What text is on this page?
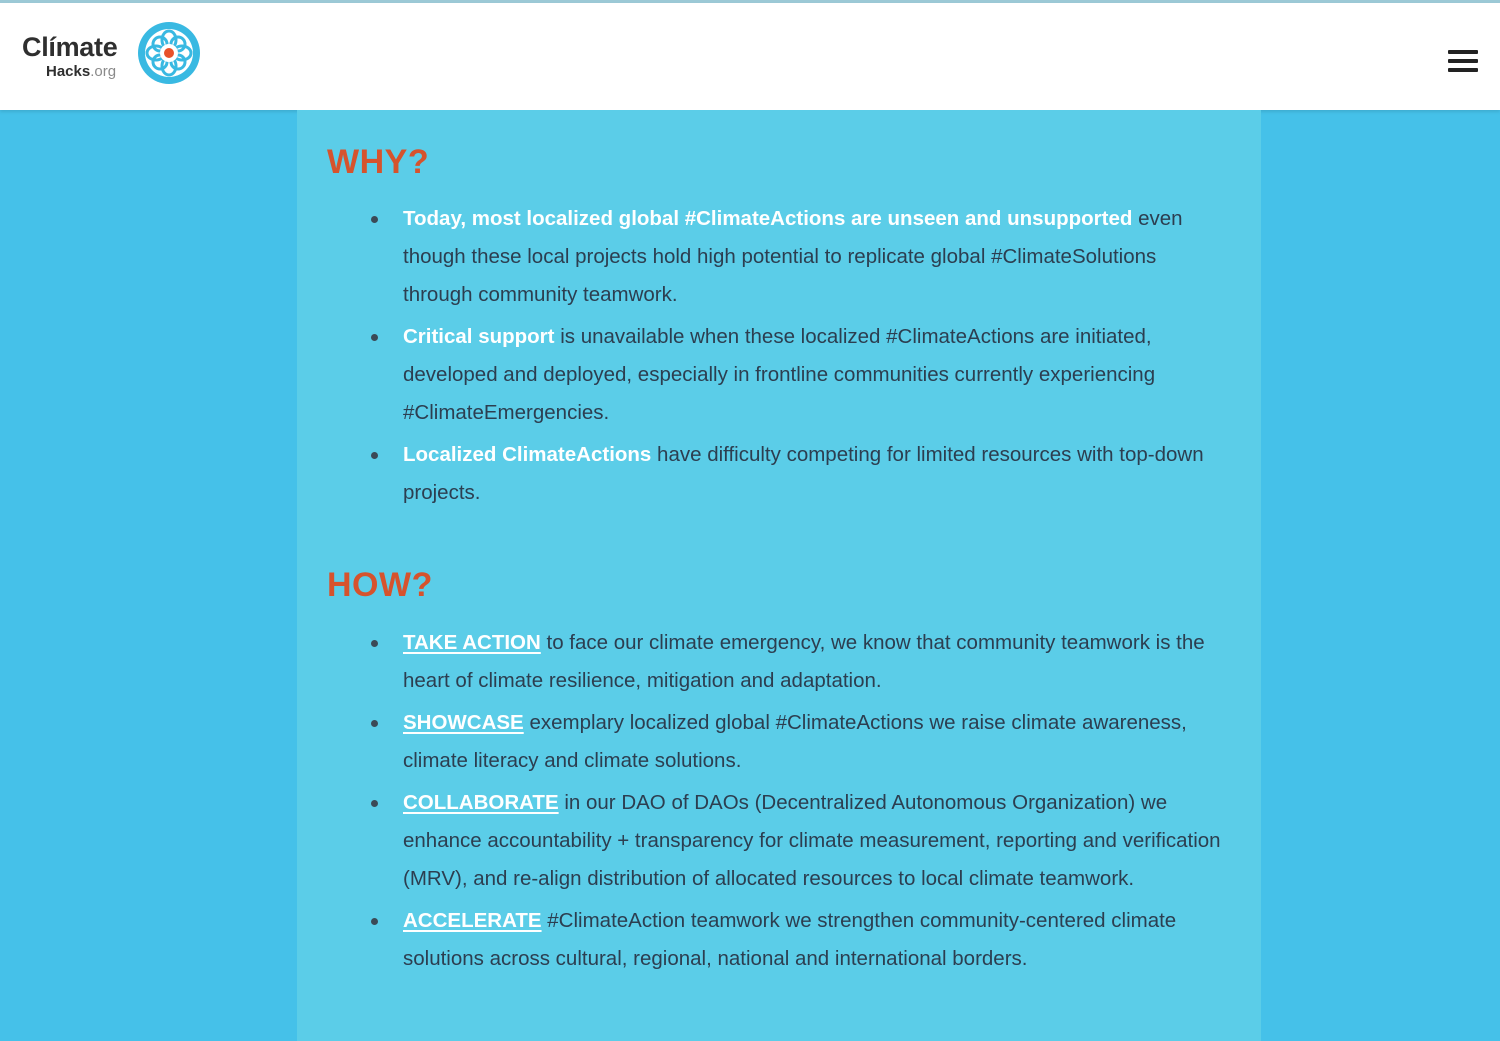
Clímate
Hacks.org
WHY?
Today, most localized global #ClimateActions are unseen and unsupported even though these local projects hold high potential to replicate global #ClimateSolutions through community teamwork.
Critical support is unavailable when these localized #ClimateActions are initiated, developed and deployed, especially in frontline communities currently experiencing #ClimateEmergencies.
Localized ClimateActions have difficulty competing for limited resources with top-down projects.
HOW?
TAKE ACTION to face our climate emergency, we know that community teamwork is the heart of climate resilience, mitigation and adaptation.
SHOWCASE exemplary localized global #ClimateActions we raise climate awareness, climate literacy and climate solutions.
COLLABORATE in our DAO of DAOs (Decentralized Autonomous Organization) we enhance accountability + transparency for climate measurement, reporting and verification (MRV), and re-align distribution of allocated resources to local climate teamwork.
ACCELERATE #ClimateAction teamwork we strengthen community-centered climate solutions across cultural, regional, national and international borders.
